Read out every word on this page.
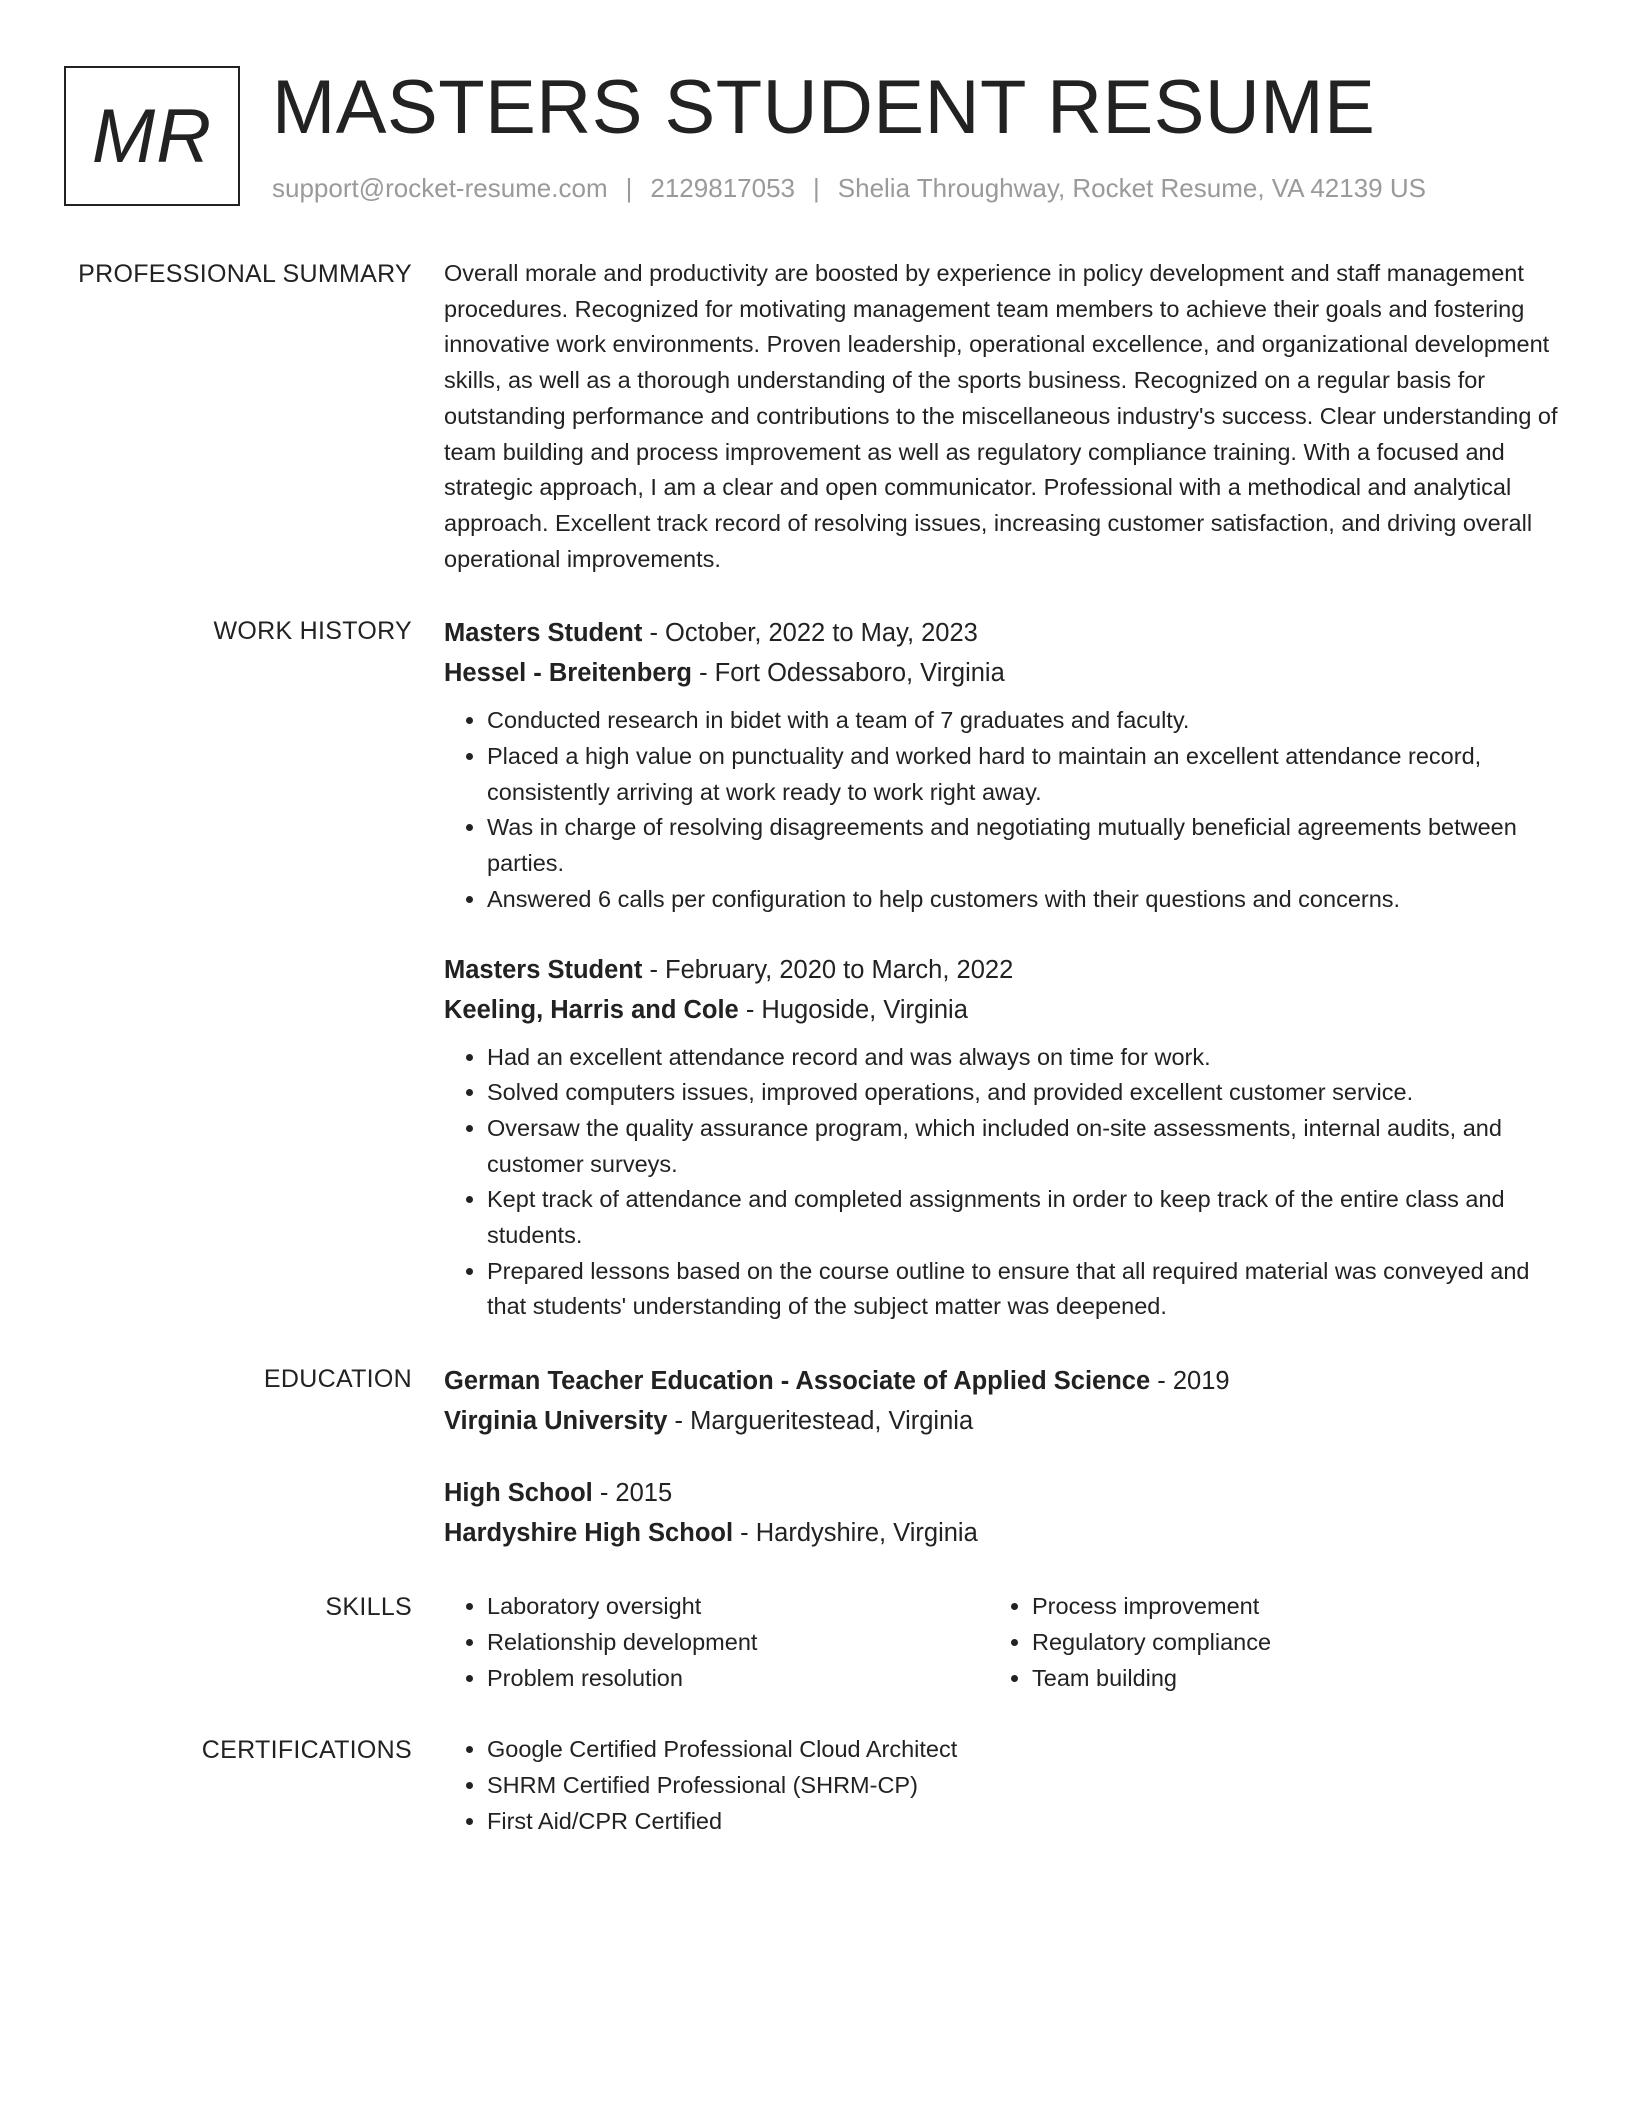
MR MASTERS STUDENT RESUME
support@rocket-resume.com | 2129817053 | Shelia Throughway, Rocket Resume, VA 42139 US
PROFESSIONAL SUMMARY Overall morale and productivity are boosted by experience in policy development and staff management procedures. Recognized for motivating management team members to achieve their goals and fostering innovative work environments. Proven leadership, operational excellence, and organizational development skills, as well as a thorough understanding of the sports business. Recognized on a regular basis for outstanding performance and contributions to the miscellaneous industry's success. Clear understanding of team building and process improvement as well as regulatory compliance training. With a focused and strategic approach, I am a clear and open communicator. Professional with a methodical and analytical approach. Excellent track record of resolving issues, increasing customer satisfaction, and driving overall operational improvements.

WORK HISTORY Masters Student - October, 2022 to May, 2023
Hessel - Breitenberg - Fort Odessaboro, Virginia
• Conducted research in bidet with a team of 7 graduates and faculty.
• Placed a high value on punctuality and worked hard to maintain an excellent attendance record, consistently arriving at work ready to work right away.
• Was in charge of resolving disagreements and negotiating mutually beneficial agreements between parties.
• Answered 6 calls per configuration to help customers with their questions and concerns.
Masters Student - February, 2020 to March, 2022
Keeling, Harris and Cole - Hugoside, Virginia
• Had an excellent attendance record and was always on time for work.
• Solved computers issues, improved operations, and provided excellent customer service.
• Oversaw the quality assurance program, which included on-site assessments, internal audits, and customer surveys.
• Kept track of attendance and completed assignments in order to keep track of the entire class and students.
• Prepared lessons based on the course outline to ensure that all required material was conveyed and that students' understanding of the subject matter was deepened.
EDUCATION German Teacher Education - Associate of Applied Science - 2019
Virginia University - Margueritestead, Virginia
High School - 2015
Hardyshire High School - Hardyshire, Virginia
SKILLS	• Laboratory oversight
• Relationship development
• Problem resolution
• Process improvement
• Regulatory compliance
• Team building
CERTIFICATIONS	• Google Certified Professional Cloud Architect
• SHRM Certified Professional (SHRM-CP)
• First Aid/CPR Certified
